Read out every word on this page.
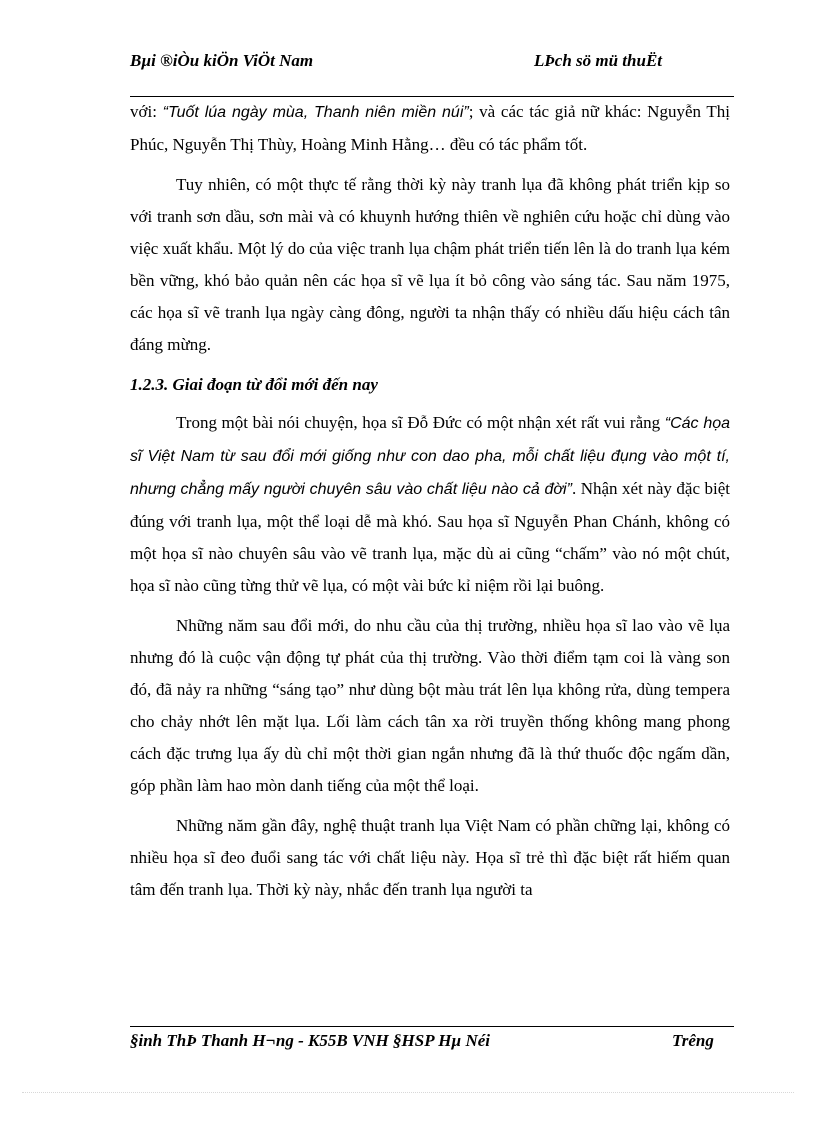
Bµi ®iÒu kiÖn ViÖt Nam	LÞch sö mü thuËt

với: “Tuốt lúa ngày mùa, Thanh niên miền núi”; và các tác giả nữ khác: Nguyễn Thị Phúc, Nguyễn Thị Thùy, Hoàng Minh Hằng… đều có tác phẩm tốt.

Tuy nhiên, có một thực tế rằng thời kỳ này tranh lụa đã không phát triển kịp so với tranh sơn dầu, sơn mài và có khuynh hướng thiên về nghiên cứu hoặc chỉ dùng vào việc xuất khẩu. Một lý do của việc tranh lụa chậm phát triển tiến lên là do tranh lụa kém bền vững, khó bảo quản nên các họa sĩ vẽ lụa ít bỏ công vào sáng tác. Sau năm 1975, các họa sĩ vẽ tranh lụa ngày càng đông, người ta nhận thấy có nhiều dấu hiệu cách tân đáng mừng.

1.2.3. Giai đoạn từ đổi mới đến nay

Trong một bài nói chuyện, họa sĩ Đỗ Đức có một nhận xét rất vui rằng “Các họa sĩ Việt Nam từ sau đổi mới giống như con dao pha, mỗi chất liệu đụng vào một tí, nhưng chẳng mấy người chuyên sâu vào chất liệu nào cả đời”. Nhận xét này đặc biệt đúng với tranh lụa, một thể loại dễ mà khó. Sau họa sĩ Nguyễn Phan Chánh, không có một họa sĩ nào chuyên sâu vào vẽ tranh lụa, mặc dù ai cũng “chấm” vào nó một chút, họa sĩ nào cũng từng thử vẽ lụa, có một vài bức kỉ niệm rồi lại buông.

Những năm sau đổi mới, do nhu cầu của thị trường, nhiều họa sĩ lao vào vẽ lụa nhưng đó là cuộc vận động tự phát của thị trường. Vào thời điểm tạm coi là vàng son đó, đã nảy ra những “sáng tạo” như dùng bột màu trát lên lụa không rửa, dùng tempera cho chảy nhớt lên mặt lụa. Lối làm cách tân xa rời truyền thống không mang phong cách đặc trưng lụa ấy dù chỉ một thời gian ngắn nhưng đã là thứ thuốc độc ngấm dần, góp phần làm hao mòn danh tiếng của một thể loại.

Những năm gần đây, nghệ thuật tranh lụa Việt Nam có phần chững lại, không có nhiều họa sĩ đeo đuổi sang tác với chất liệu này. Họa sĩ trẻ thì đặc biệt rất hiếm quan tâm đến tranh lụa. Thời kỳ này, nhắc đến tranh lụa người ta

§inh ThÞ Thanh H¬ng - K55B VNH §HSP Hµ Néi	Trêng
